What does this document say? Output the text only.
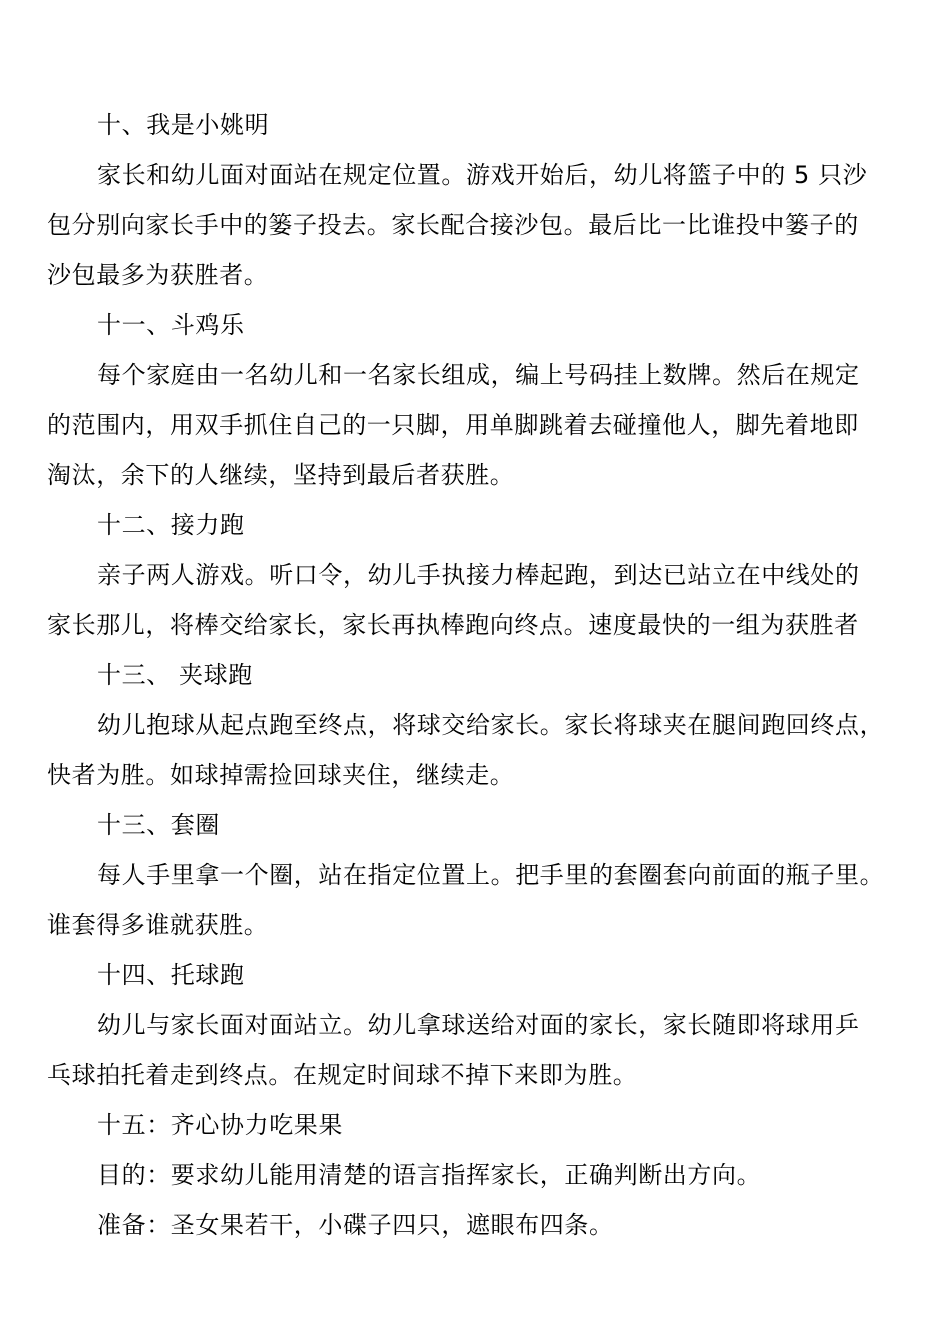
十、我是小姚明
家长和幼儿面对面站在规定位置。游戏开始后，幼儿将篮子中的 5 只沙
包分别向家长手中的篓子投去。家长配合接沙包。最后比一比谁投中篓子的
沙包最多为获胜者。
十一、斗鸡乐
每个家庭由一名幼儿和一名家长组成，编上号码挂上数牌。然后在规定
的范围内，用双手抓住自己的一只脚，用单脚跳着去碰撞他人，脚先着地即
淘汰，余下的人继续，坚持到最后者获胜。
十二、接力跑
亲子两人游戏。听口令，幼儿手执接力棒起跑，到达已站立在中线处的
家长那儿，将棒交给家长，家长再执棒跑向终点。速度最快的一组为获胜者
十三、 夹球跑
幼儿抱球从起点跑至终点，将球交给家长。家长将球夹在腿间跑回终点，
快者为胜。如球掉需捡回球夹住，继续走。
十三、套圈
每人手里拿一个圈，站在指定位置上。把手里的套圈套向前面的瓶子里。
谁套得多谁就获胜。
十四、托球跑
幼儿与家长面对面站立。幼儿拿球送给对面的家长，家长随即将球用乒
乓球拍托着走到终点。在规定时间球不掉下来即为胜。
十五：齐心协力吃果果
目的：要求幼儿能用清楚的语言指挥家长，正确判断出方向。
准备：圣女果若干，小碟子四只，遮眼布四条。
